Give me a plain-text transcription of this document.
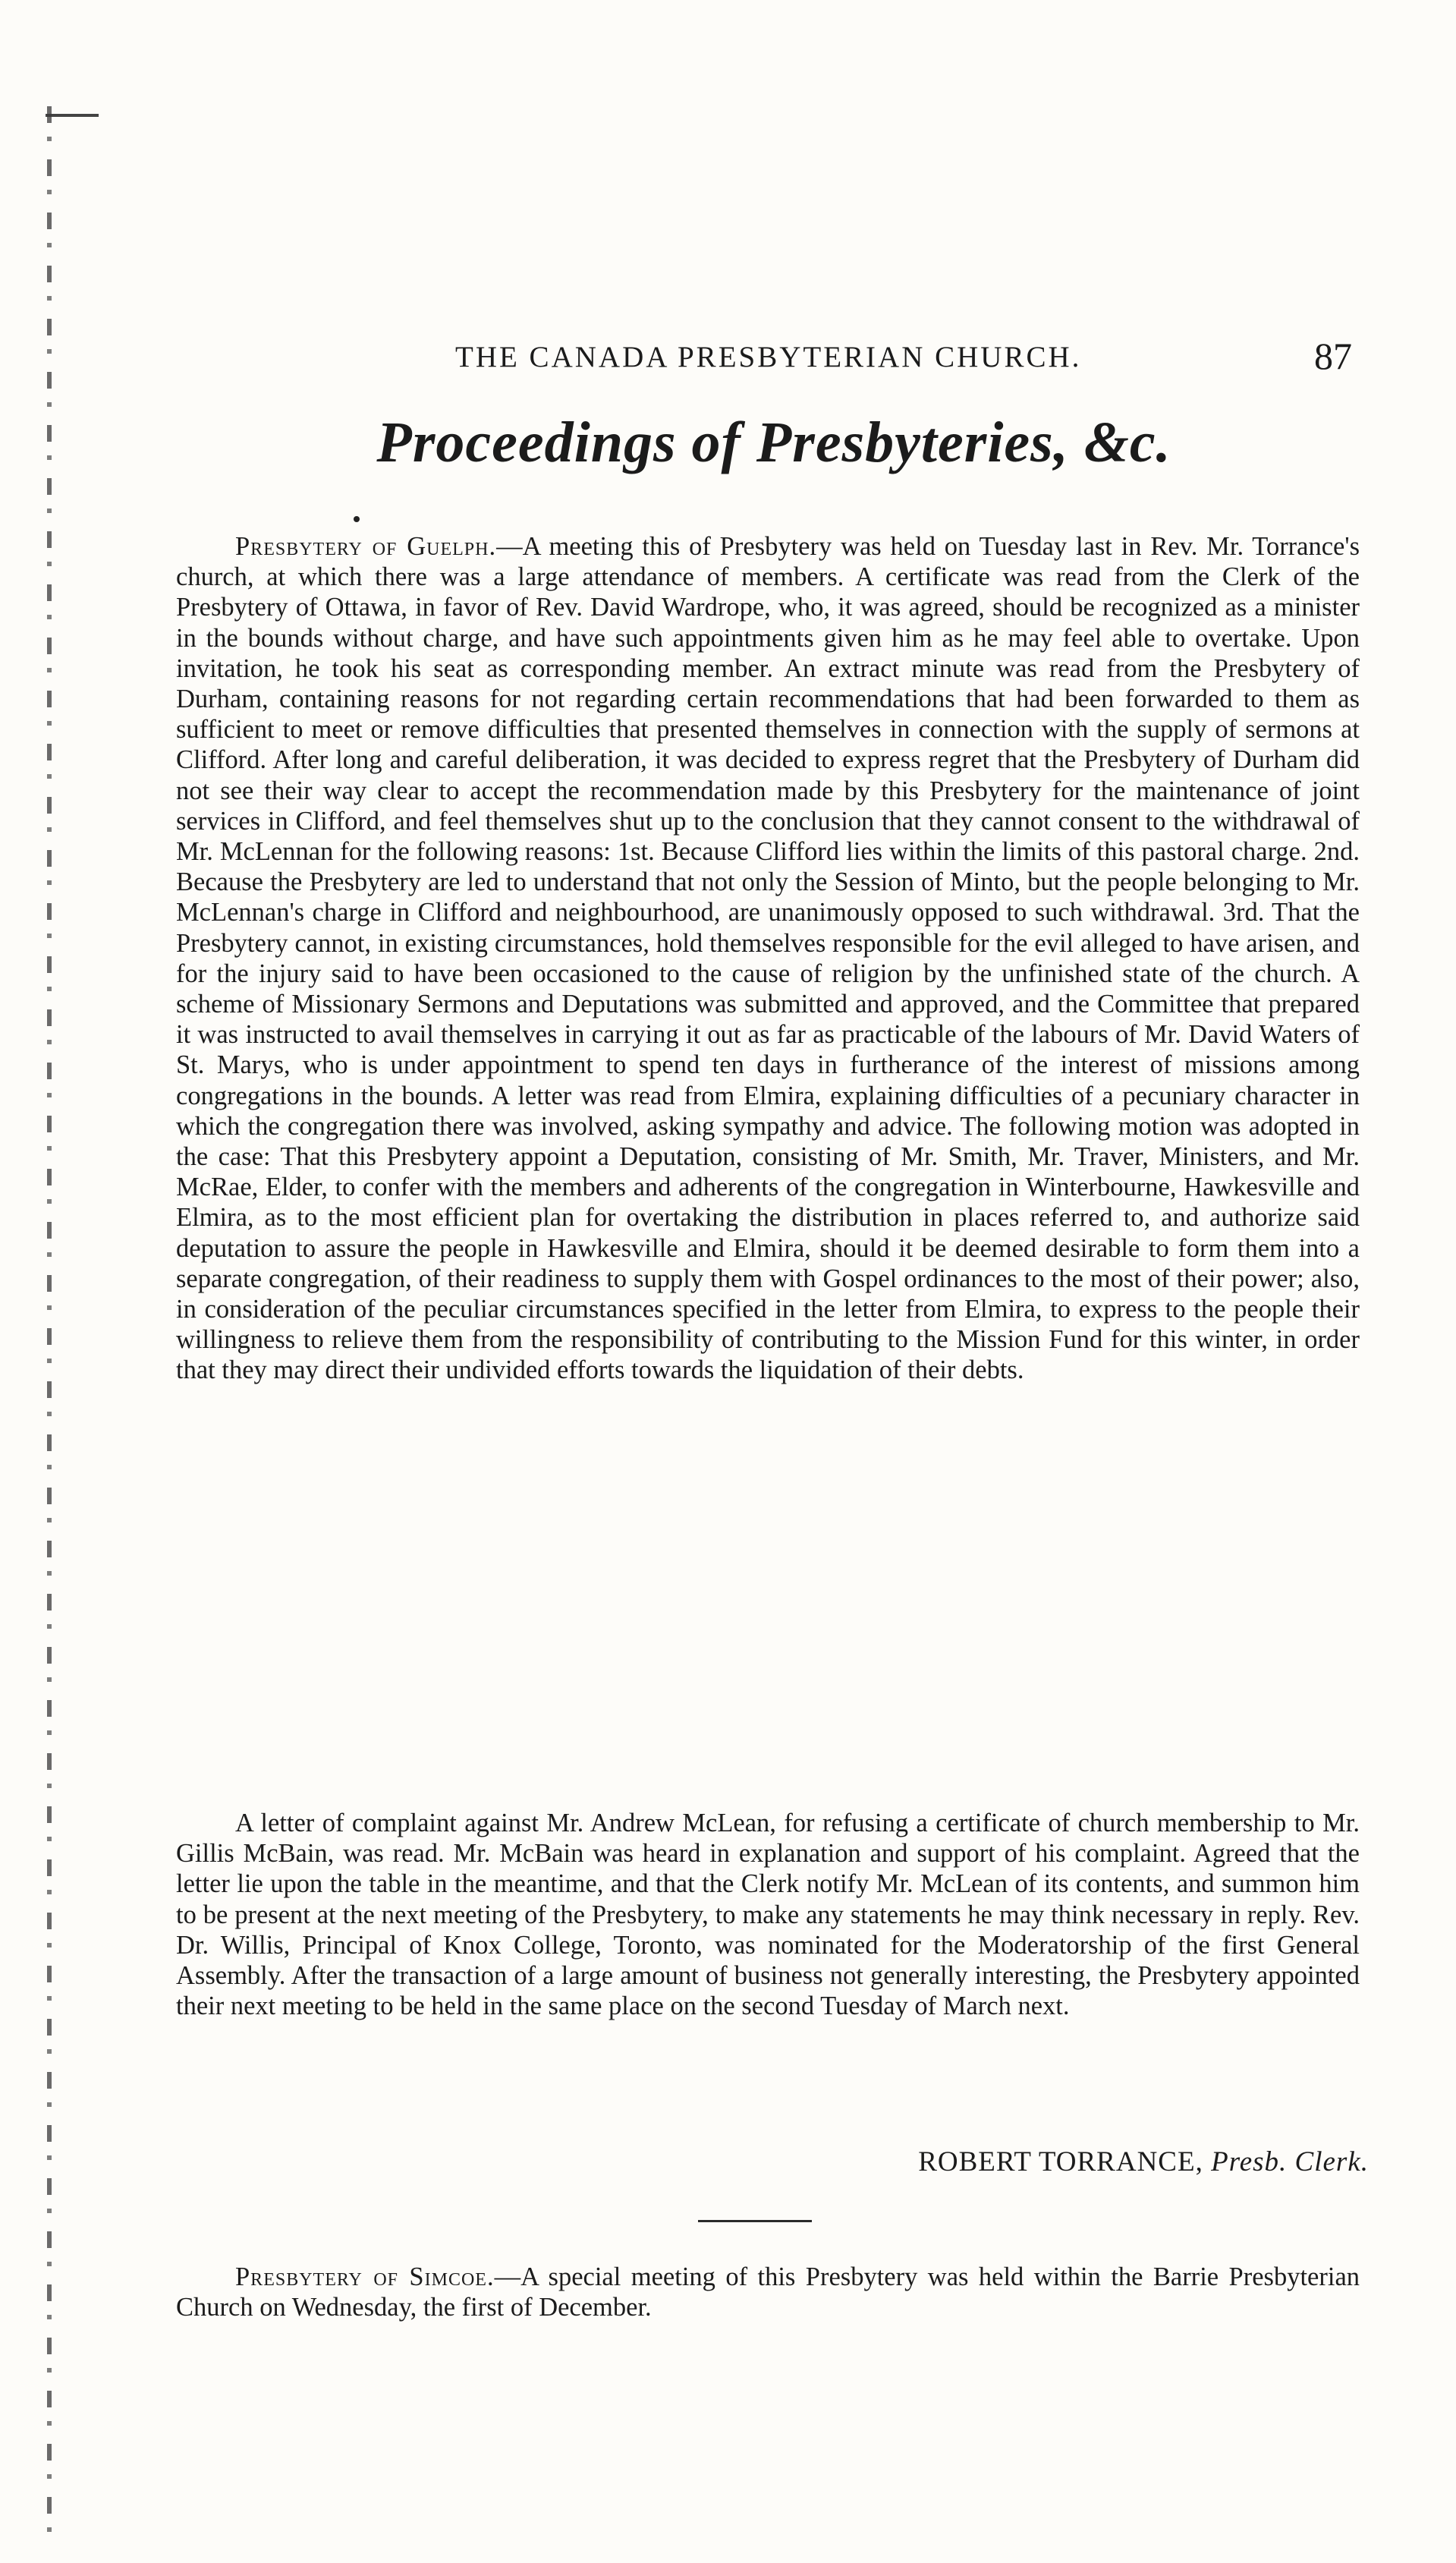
THE CANADA PRESBYTERIAN CHURCH.	87
Proceedings of Presbyteries, &c.

Presbytery of Guelph.—A meeting this of Presbytery was held on Tuesday last in Rev. Mr. Torrance's church, at which there was a large attendance of members. A certificate was read from the Clerk of the Presbytery of Ottawa, in favor of Rev. David Wardrope, who, it was agreed, should be recognized as a minister in the bounds without charge, and have such appointments given him as he may feel able to overtake. Upon invitation, he took his seat as corresponding member. An extract minute was read from the Presbytery of Durham, containing reasons for not regarding certain recommendations that had been forwarded to them as sufficient to meet or remove difficulties that presented themselves in connection with the supply of sermons at Clifford. After long and careful deliberation, it was decided to express regret that the Presbytery of Durham did not see their way clear to accept the recommendation made by this Presbytery for the maintenance of joint services in Clifford, and feel themselves shut up to the conclusion that they cannot consent to the withdrawal of Mr. McLennan for the following reasons: 1st. Because Clifford lies within the limits of this pastoral charge. 2nd. Because the Presbytery are led to understand that not only the Session of Minto, but the people belonging to Mr. McLennan's charge in Clifford and neighbourhood, are unanimously opposed to such withdrawal. 3rd. That the Presbytery cannot, in existing circumstances, hold themselves responsible for the evil alleged to have arisen, and for the injury said to have been occasioned to the cause of religion by the unfinished state of the church. A scheme of Missionary Sermons and Deputations was submitted and approved, and the Committee that prepared it was instructed to avail themselves in carrying it out as far as practicable of the labours of Mr. David Waters of St. Marys, who is under appointment to spend ten days in furtherance of the interest of missions among congregations in the bounds. A letter was read from Elmira, explaining difficulties of a pecuniary character in which the congregation there was involved, asking sympathy and advice. The following motion was adopted in the case: That this Presbytery appoint a Deputation, consisting of Mr. Smith, Mr. Traver, Ministers, and Mr. McRae, Elder, to confer with the members and adherents of the congregation in Winterbourne, Hawkesville and Elmira, as to the most efficient plan for overtaking the distribution in places referred to, and authorize said deputation to assure the people in Hawkesville and Elmira, should it be deemed desirable to form them into a separate congregation, of their readiness to supply them with Gospel ordinances to the most of their power; also, in consideration of the peculiar circumstances specified in the letter from Elmira, to express to the people their willingness to relieve them from the responsibility of contributing to the Mission Fund for this winter, in order that they may direct their undivided efforts towards the liquidation of their debts.

A letter of complaint against Mr. Andrew McLean, for refusing a certificate of church membership to Mr. Gillis McBain, was read. Mr. McBain was heard in explanation and support of his complaint. Agreed that the letter lie upon the table in the meantime, and that the Clerk notify Mr. McLean of its contents, and summon him to be present at the next meeting of the Presbytery, to make any statements he may think necessary in reply. Rev. Dr. Willis, Principal of Knox College, Toronto, was nominated for the Moderatorship of the first General Assembly. After the transaction of a large amount of business not generally interesting, the Presbytery appointed their next meeting to be held in the same place on the second Tuesday of March next.

ROBERT TORRANCE, Presb. Clerk.

Presbytery of Simcoe.—A special meeting of this Presbytery was held within the Barrie Presbyterian Church on Wednesday, the first of December.
